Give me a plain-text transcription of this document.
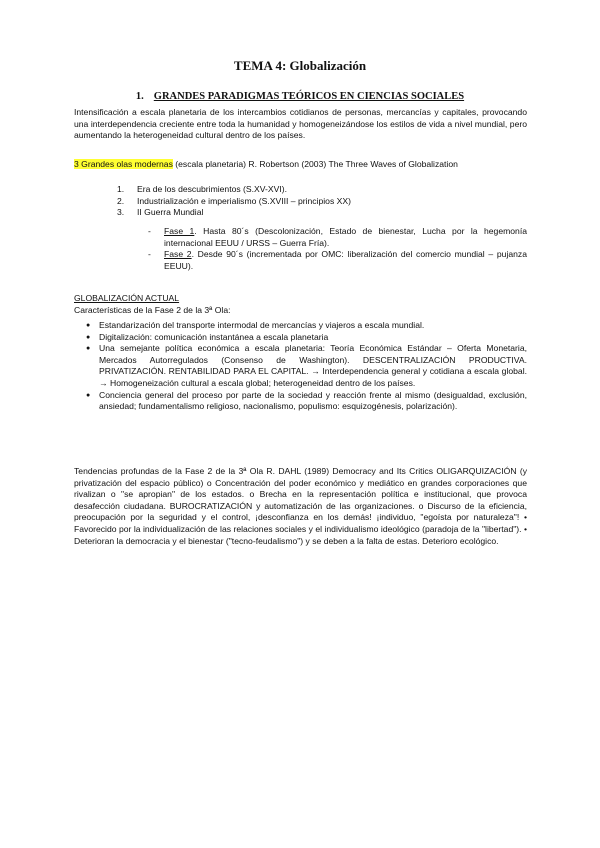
TEMA 4: Globalización
1. GRANDES PARADIGMAS TEÓRICOS EN CIENCIAS SOCIALES
Intensificación a escala planetaria de los intercambios cotidianos de personas, mercancías y capitales, provocando una interdependencia creciente entre toda la humanidad y homogeneizándose los estilos de vida a nivel mundial, pero aumentando la heterogeneidad cultural dentro de los países.
3 Grandes olas modernas (escala planetaria) R. Robertson (2003) The Three Waves of Globalization
1.	Era de los descubrimientos (S.XV-XVI).
2.	Industrialización e imperialismo (S.XVIII – principios XX)
3.	II Guerra Mundial
-	Fase 1. Hasta 80´s (Descolonización, Estado de bienestar, Lucha por la hegemonía internacional EEUU / URSS – Guerra Fría).
-	Fase 2. Desde 90´s (incrementada por OMC: liberalización del comercio mundial – pujanza EEUU).
GLOBALIZACIÓN ACTUAL
Características de la Fase 2 de la 3ª Ola:
●	Estandarización del transporte intermodal de mercancías y viajeros a escala mundial.
●	Digitalización: comunicación instantánea a escala planetaria
●	Una semejante política económica a escala planetaria: Teoría Económica Estándar – Oferta Monetaria, Mercados Autorregulados (Consenso de Washington). DESCENTRALIZACIÓN PRODUCTIVA. PRIVATIZACIÓN. RENTABILIDAD PARA EL CAPITAL. → Interdependencia general y cotidiana a escala global. → Homogeneización cultural a escala global; heterogeneidad dentro de los países.
●	Conciencia general del proceso por parte de la sociedad y reacción frente al mismo (desigualdad, exclusión, ansiedad; fundamentalismo religioso, nacionalismo, populismo: esquizogénesis, polarización).
Tendencias profundas de la Fase 2 de la 3ª Ola R. DAHL (1989) Democracy and Its Critics OLIGARQUIZACIÓN (y privatización del espacio público) o Concentración del poder económico y mediático en grandes corporaciones que rivalizan o "se apropian" de los estados. o Brecha en la representación política e institucional, que provoca desafección ciudadana. BUROCRATIZACIÓN y automatización de las organizaciones. o Discurso de la eficiencia, preocupación por la seguridad y el control, ¡desconfianza en los demás! ¡individuo, "egoísta por naturaleza"! • Favorecido por la individualización de las relaciones sociales y el individualismo ideológico (paradoja de la "libertad"). • Deterioran la democracia y el bienestar ("tecno-feudalismo") y se deben a la falta de estas. Deterioro ecológico.
